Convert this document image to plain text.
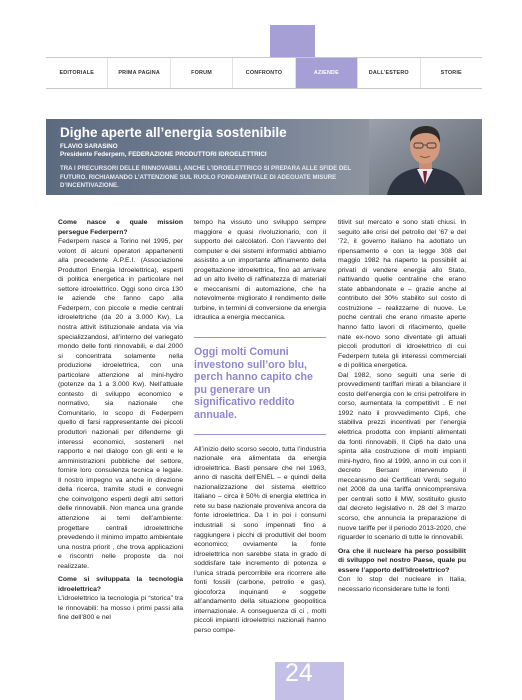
EDITORIALE	PRIMA PAGINA	FORUM	CONFRONTO	AZIENDE	DALL'ESTERO	STORIE
Dighe aperte all’energia sostenibile
FLAVIO SARASINO
Presidente Federpern, FEDERAZIONE PRODUTTORI IDROELETTRICI
TRA I PRECURSORI DELLE RINNOVABILI, ANCHE L’IDROELETTRICO SI PREPARA ALLE SFIDE DEL FUTURO. RICHIAMANDO L’ATTENZIONE SUL RUOLO FONDAMENTALE DI ADEGUATE MISURE D’INCENTIVAZIONE.

Come nasce e quale mission persegue Federpern?

Federpern nasce a Torino nel 1995, per volont di alcuni operatori appartenenti alla precedente A.P.E.I. (Associazione Produttori Energia Idroelettrica), esperti di politica energetica in particolare nel settore idroelettrico. Oggi sono circa 130 le aziende che fanno capo alla Federpern, con piccole e medie centrali idroelettriche (da 20 a 3.000 Kw). La nostra attivit istituzionale andata via via specializzandosi, all’interno del variegato mondo delle fonti rinnovabili, e dal 2000 si concentrata solamente nella produzione idroelettrica, con una particolare attenzione al mini-hydro (potenze da 1 a 3.000 Kw). Nell’attuale contesto di sviluppo economico e normativo, sia nazionale che Comunitario, lo scopo di Federpern quello di farsi rappresentante dei piccoli produttori nazionali per difenderne gli interessi economici, sostenerli nel rapporto e nel dialogo con gli enti e le amministrazioni pubbliche del settore, fornire loro consulenza tecnica e legale. Il nostro impegno va anche in direzione della ricerca, tramite studi e convegni che coinvolgono esperti degli altri settori delle rinnovabili. Non manca una grande attenzione ai temi dell’ambiente: progettare centrali idroelettriche prevedendo il minimo impatto ambientale una nostra priorit , che trova applicazioni e riscontri nelle proposte da noi realizzate.

Come si sviluppata la tecnologia idroelettrica?

L’idroelettrico la tecnologia pi “storica” tra le rinnovabili: ha mosso i primi passi alla fine dell’800 e nel

tempo ha vissuto uno sviluppo sempre maggiore e quasi rivoluzionario, con il supporto dei calcolatori. Con l’avvento del computer e dei sistemi informatici abbiamo assistito a un importante affinamento della progettazione idroelettrica, fino ad arrivare ad un alto livello di raffinatezza di materiali e meccanismi di automazione, che ha notevolmente migliorato il rendimento delle turbine, in termini di conversione da energia idraulica a energia meccanica.

Oggi molti Comuni investono sull’oro blu, perch hanno capito che pu generare un significativo reddito annuale.

All’inizio dello scorso secolo, tutta l’industria nazionale era alimentata da energia idroelettrica. Basti pensare che nel 1963, anno di nascita dell’ENEL – e quindi della nazionalizzazione del sistema elettrico italiano – circa il 50% di energia elettrica in rete su base nazionale proveniva ancora da fonte idroelettrica. Da l in poi i consumi industriali si sono impennati fino a raggiungere i picchi di produttivit del boom economico; ovviamente la fonte idroelettrica non sarebbe stata in grado di soddisfare tale incremento di potenza e l’unica strada percorribile era ricorrere alle fonti fossili (carbone, petrolio e gas), giocoforza inquinanti e soggette all’andamento della situazione geopolitica internazionale. A conseguenza di ci , molti piccoli impianti idroelettrici nazionali hanno perso compe-

titivit sul mercato e sono stati chiusi. In seguito alle crisi del petrolio del ’67 e del ’72, il governo italiano ha adottato un ripensamento e con la legge 308 del maggio 1982 ha riaperto la possibilit ai privati di vendere energia allo Stato, riattivando quelle centraline che erano state abbandonate e – grazie anche al contributo del 30% stabilito sul costo di costruzione – realizzarne di nuove. Le poche centrali che erano rimaste aperte hanno fatto lavori di rifacimento, quelle nate ex-novo sono diventate gli attuali piccoli produttori di idroelettrico di cui Federpern tutela gli interessi commerciali e di politica energetica.

Dal 1982, sono seguiti una serie di provvedimenti tariffari mirati a bilanciare il costo dell’energia con le crisi petrolifere in corso, aumentata la competitivit . E nel 1992 nato il provvedimento Cip6, che stabiliva prezzi incentivati per l’energia elettrica prodotta con impianti alimentati da fonti rinnovabili. Il Cip6 ha dato una spinta alla costruzione di molti impianti mini-hydro, fino al 1999, anno in cui con il decreto Bersani intervenuto il meccanismo dei Certificati Verdi, seguito nel 2008 da una tariffa onnicomprensiva per centrali sotto il MW, sostituito giusto dal decreto legislativo n. 28 del 3 marzo scorso, che annuncia la preparazione di nuove tariffe per il periodo 2013-2020, che riguarder lo scenario di tutte le rinnovabili.

Ora che il nucleare ha perso possibilit di sviluppo nel nostro Paese, quale pu essere l’apporto dell’idroelettrico?

Con lo stop del nucleare in Italia, necessario riconsiderare tutte le fonti

24
